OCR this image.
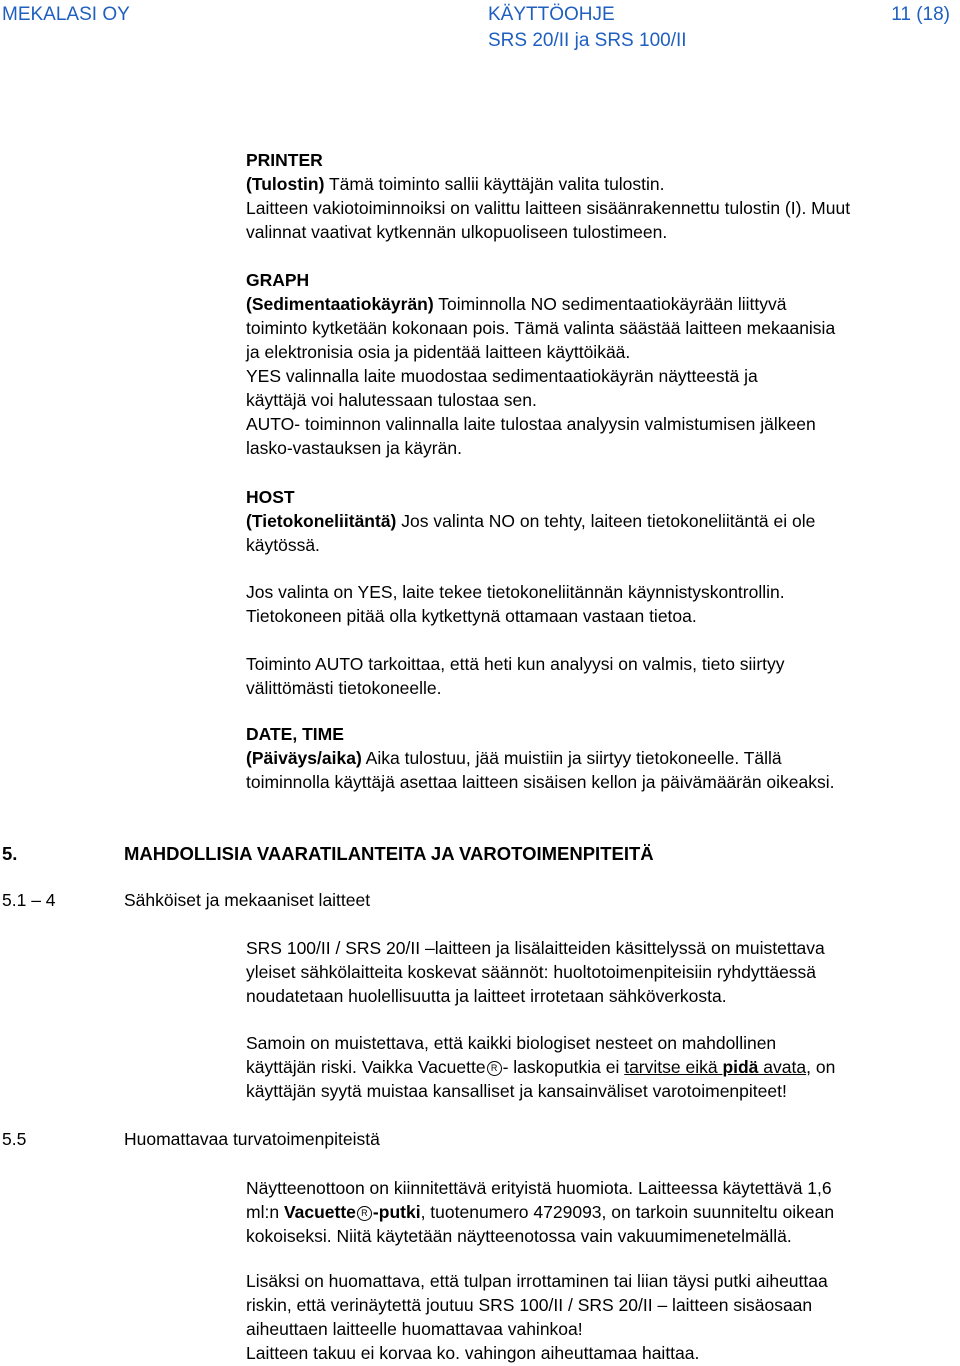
MEKALASI OY	KÄYTTÖOHJE
SRS 20/II ja SRS 100/II
11 (18)

PRINTER

(Tulostin) Tämä toiminto sallii käyttäjän valita tulostin.

Laitteen vakiotoiminnoiksi on valittu laitteen sisäänrakennettu tulostin (I). Muut

valinnat vaativat kytkennän ulkopuoliseen tulostimeen.

GRAPH

(Sedimentaatiokäyrän) Toiminnolla NO sedimentaatiokäyrään liittyvä

toiminto kytketään kokonaan pois. Tämä valinta säästää laitteen mekaanisia

ja elektronisia osia ja pidentää laitteen käyttöikää.

YES valinnalla laite muodostaa sedimentaatiokäyrän näytteestä ja

käyttäjä voi halutessaan tulostaa sen.

AUTO- toiminnon valinnalla laite tulostaa analyysin valmistumisen jälkeen

lasko-vastauksen ja käyrän.

HOST

(Tietokoneliitäntä) Jos valinta NO on tehty, laiteen tietokoneliitäntä ei ole

käytössä.

Jos valinta on YES, laite tekee tietokoneliitännän käynnistyskontrollin.

Tietokoneen pitää olla kytkettynä ottamaan vastaan tietoa.

Toiminto AUTO tarkoittaa, että heti kun analyysi on valmis, tieto siirtyy

välittömästi tietokoneelle.

DATE, TIME

(Päiväys/aika) Aika tulostuu, jää muistiin ja siirtyy tietokoneelle. Tällä

toiminnolla käyttäjä asettaa laitteen sisäisen kellon ja päivämäärän oikeaksi.

5.	MAHDOLLISIA VAARATILANTEITA JA VAROTOIMENPITEITÄ
5.1 – 4	Sähköiset ja mekaaniset laitteet

SRS 100/II / SRS 20/II –laitteen ja lisälaitteiden käsittelyssä on muistettava

yleiset sähkölaitteita koskevat säännöt: huoltotoimenpiteisiin ryhdyttäessä

noudatetaan huolellisuutta ja laitteet irrotetaan sähköverkosta.

Samoin on muistettava, että kaikki biologiset nesteet on mahdollinen

käyttäjän riski. Vaikka Vacuette R - laskoputkia ei tarvitse eikä pidä avata, on

käyttäjän syytä muistaa kansalliset ja kansainväliset varotoimenpiteet!

5.5	Huomattavaa turvatoimenpiteistä

Näytteenottoon on kiinnitettävä erityistä huomiota. Laitteessa käytettävä 1,6

ml:n Vacuette R -putki, tuotenumero 4729093, on tarkoin suunniteltu oikean

kokoiseksi. Niitä käytetään näytteenotossa vain vakuumimenetelmällä.

Lisäksi on huomattava, että tulpan irrottaminen tai liian täysi putki aiheuttaa

riskin, että verinäytettä joutuu SRS 100/II / SRS 20/II – laitteen sisäosaan

aiheuttaen laitteelle huomattavaa vahinkoa!

Laitteen takuu ei korvaa ko. vahingon aiheuttamaa haittaa.
